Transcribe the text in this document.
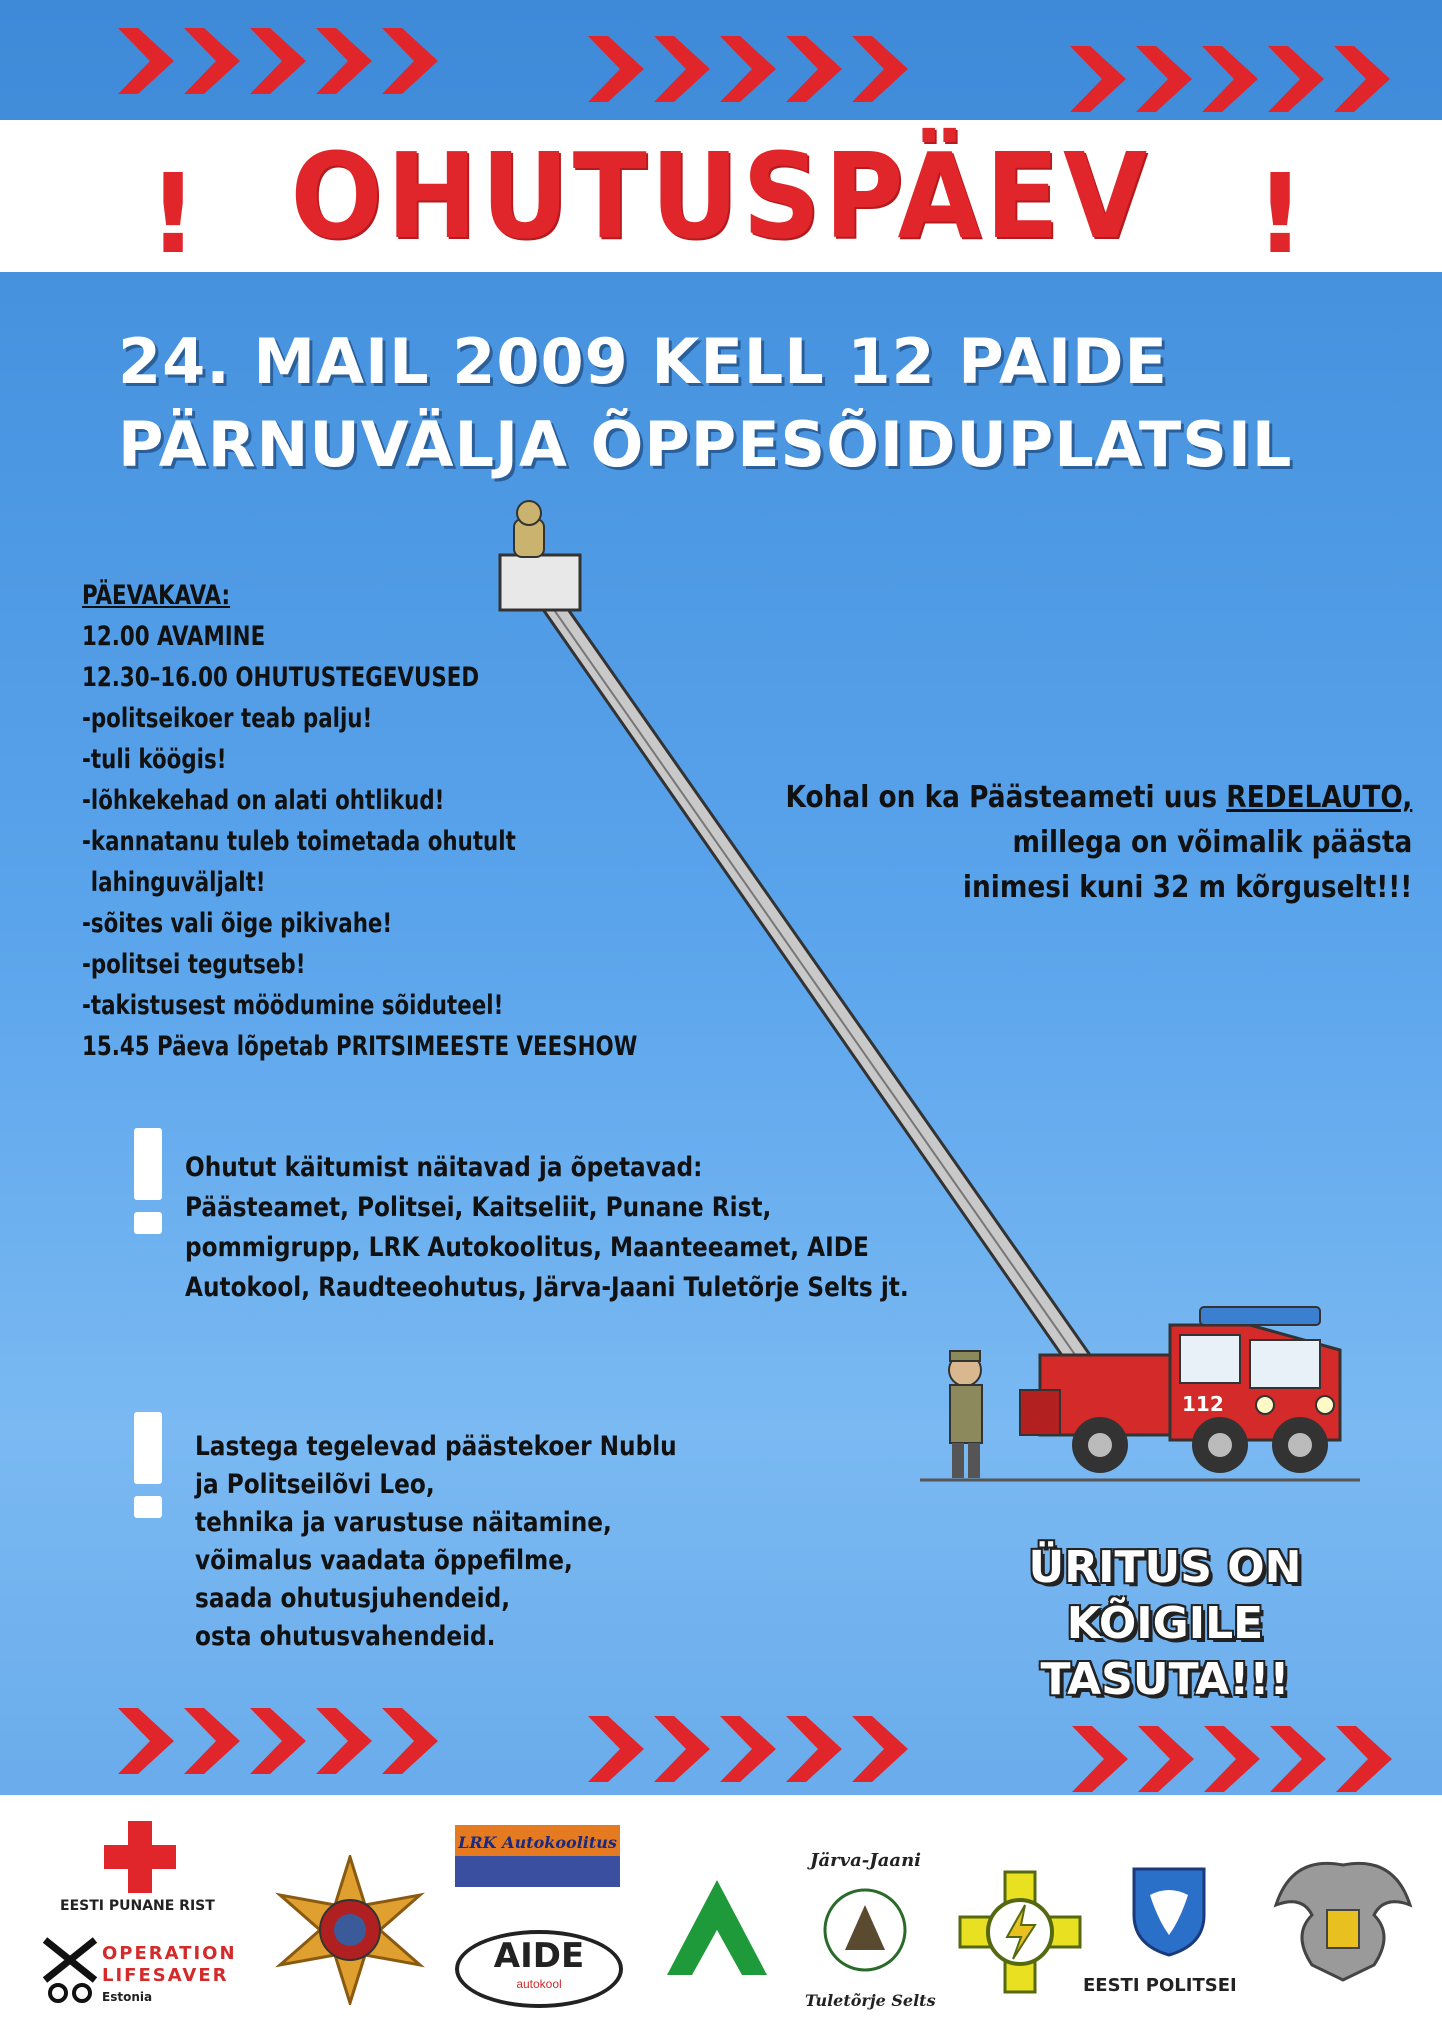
OHUTUSPÄEV
!	!
24. MAIL 2009 KELL 12 PAIDE
PÄRNUVÄLJA ÕPPESÕIDUPLATSIL
112
PÄEVAKAVA:
12.00 AVAMINE
12.30–16.00 OHUTUSTEGEVUSED
-politseikoer teab palju!
-tuli köögis!
-lõhkekehad on alati ohtlikud!
-kannatanu tuleb toimetada ohutult
lahinguväljalt!
-sõites vali õige pikivahe!
-politsei tegutseb!
-takistusest möödumine sõiduteel!
15.45 Päeva lõpetab PRITSIMEESTE VEESHOW
Kohal on ka Päästeameti uus REDELAUTO,
millega on võimalik päästa
inimesi kuni 32 m kõrguselt!!!
Ohutut käitumist näitavad ja õpetavad:
Päästeamet, Politsei, Kaitseliit, Punane Rist,
pommigrupp, LRK Autokoolitus, Maanteeamet, AIDE
Autokool, Raudteeohutus, Järva-Jaani Tuletõrje Selts jt.
Lastega tegelevad päästekoer Nublu
ja Politseilõvi Leo,
tehnika ja varustuse näitamine,
võimalus vaadata õppefilme,
saada ohutusjuhendeid,
osta ohutusvahendeid.
ÜRITUS ON
KÕIGILE
TASUTA!!!
EESTI PUNANE RIST
OPERATION
LIFESAVER
Estonia
LRK Autokoolitus
AIDE
autokool
Järva-Jaani
Tuletõrje Selts
EESTI POLITSEI
